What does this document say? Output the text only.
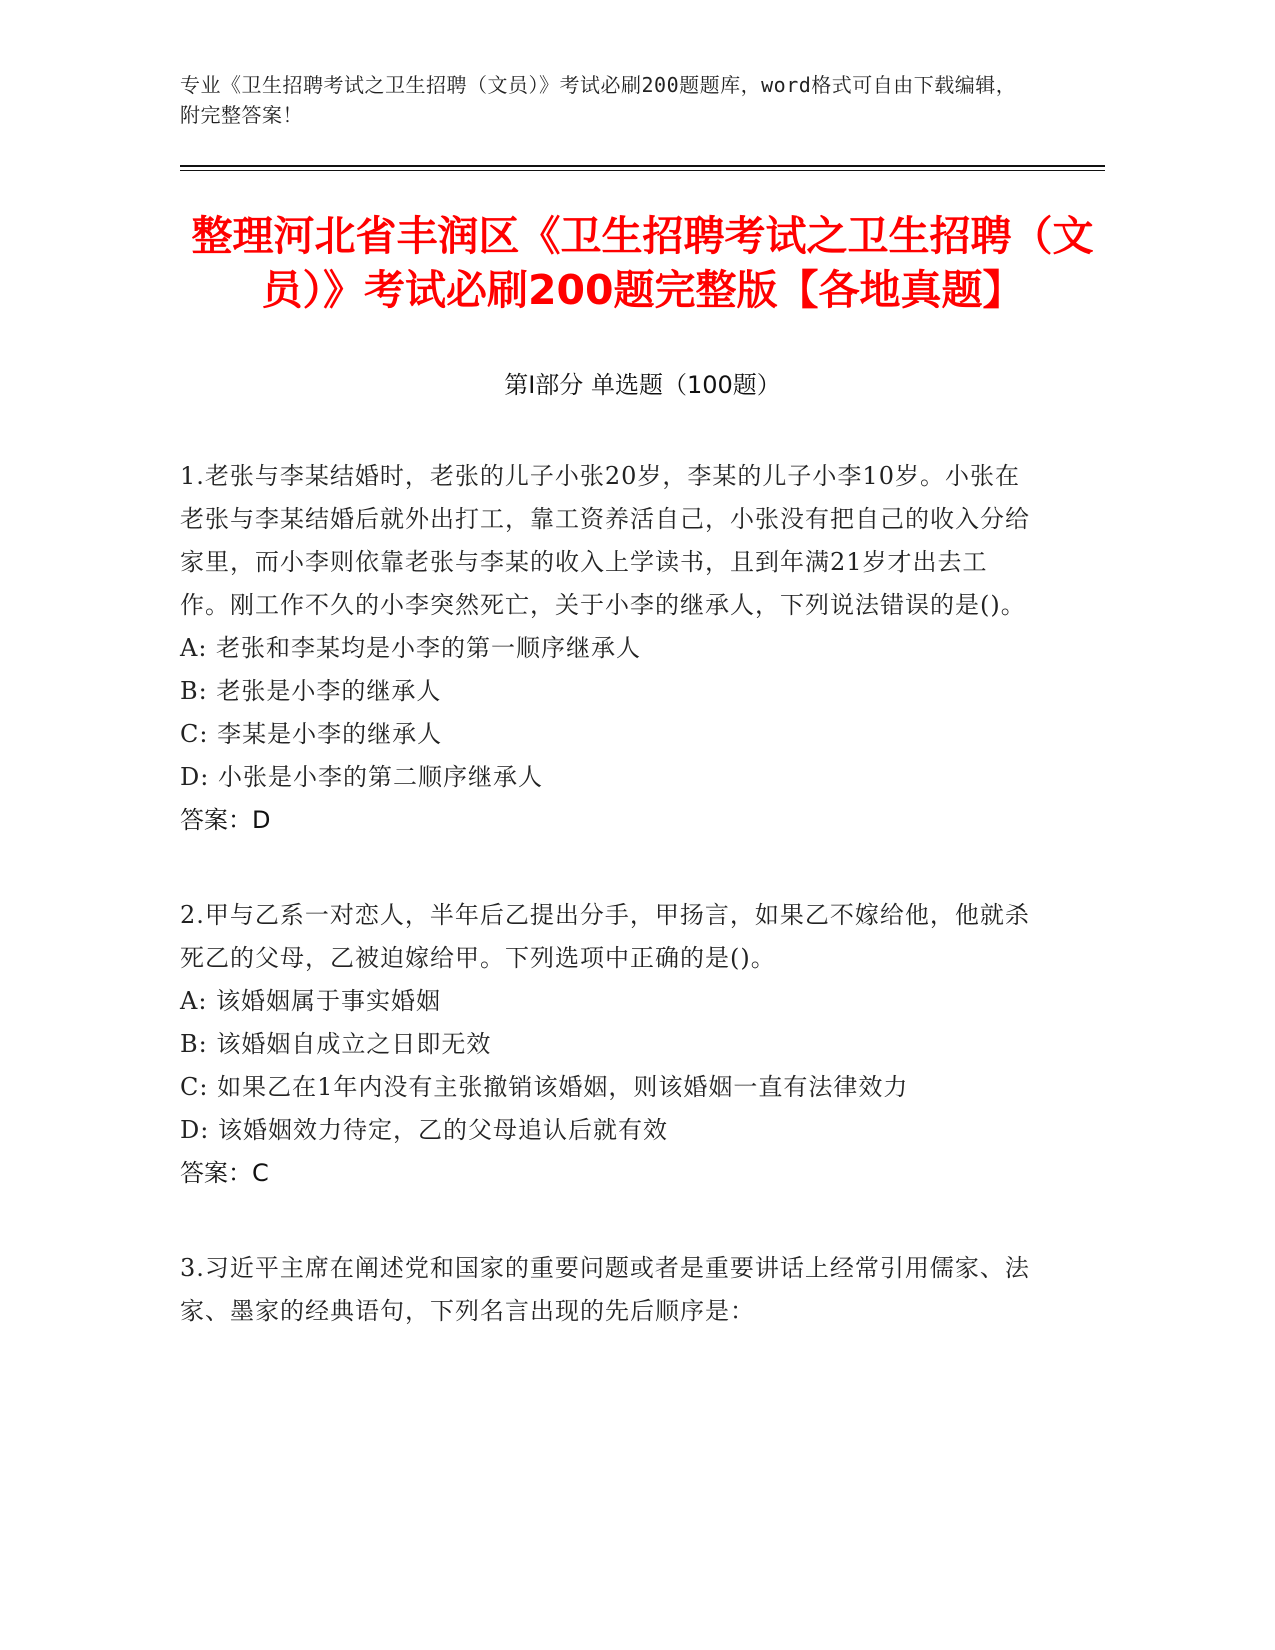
专业《卫生招聘考试之卫生招聘（文员）》考试必刷200题题库，word格式可自由下载编辑，附完整答案！
整理河北省丰润区《卫生招聘考试之卫生招聘（文员）》考试必刷200题完整版【各地真题】
第I部分 单选题（100题）
1.老张与李某结婚时，老张的儿子小张20岁，李某的儿子小李10岁。小张在老张与李某结婚后就外出打工，靠工资养活自己，小张没有把自己的收入分给家里，而小李则依靠老张与李某的收入上学读书，且到年满21岁才出去工作。刚工作不久的小李突然死亡，关于小李的继承人，下列说法错误的是()。
A: 老张和李某均是小李的第一顺序继承人
B: 老张是小李的继承人
C: 李某是小李的继承人
D: 小张是小李的第二顺序继承人
答案：D
2.甲与乙系一对恋人，半年后乙提出分手，甲扬言，如果乙不嫁给他，他就杀死乙的父母，乙被迫嫁给甲。下列选项中正确的是()。
A: 该婚姻属于事实婚姻
B: 该婚姻自成立之日即无效
C: 如果乙在1年内没有主张撤销该婚姻，则该婚姻一直有法律效力
D: 该婚姻效力待定，乙的父母追认后就有效
答案：C
3.习近平主席在阐述党和国家的重要问题或者是重要讲话上经常引用儒家、法家、墨家的经典语句，下列名言出现的先后顺序是：
